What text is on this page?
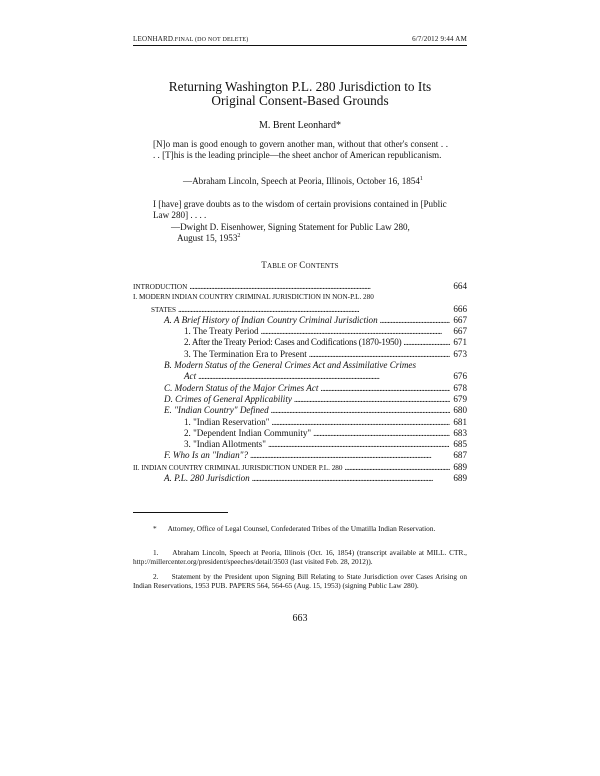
LEONHARD.FINAL (DO NOT DELETE)	6/7/2012 9:44 AM
Returning Washington P.L. 280 Jurisdiction to Its
Original Consent-Based Grounds
M. Brent Leonhard*
[N]o man is good enough to govern another man, without that other's consent . . . . [T]his is the leading principle—the sheet anchor of American republicanism.
—Abraham Lincoln, Speech at Peoria, Illinois, October 16, 1854$^1$
I [have] grave doubts as to the wisdom of certain provisions contained in [Public Law 280] . . . .
—Dwight D. Eisenhower, Signing Statement for Public Law 280,
August 15, 1953$^2$
TABLE OF CONTENTS
INTRODUCTION . . .	664
I. MODERN INDIAN COUNTRY CRIMINAL JURISDICTION IN NON-P.L. 280
STATES . . .	666
A. A Brief History of Indian Country Criminal Jurisdiction . . .	667
1. The Treaty Period . . .	667
2. After the Treaty Period: Cases and Codifications (1870-1950) . . .	671
3. The Termination Era to Present . . .	673
B. Modern Status of the General Crimes Act and Assimilative Crimes
Act . . .	676
C. Modern Status of the Major Crimes Act . . .	678
D. Crimes of General Applicability . . .	679
E. "Indian Country" Defined . . .	680
1. "Indian Reservation" . . .	681
2. "Dependent Indian Community" . . .	683
3. "Indian Allotments" . . .	685
F. Who Is an "Indian"? . . .	687
II. INDIAN COUNTRY CRIMINAL JURISDICTION UNDER P.L. 280 . . .	689
A. P.L. 280 Jurisdiction . . .	689
* Attorney, Office of Legal Counsel, Confederated Tribes of the Umatilla Indian Reservation.
1. Abraham Lincoln, Speech at Peoria, Illinois (Oct. 16, 1854) (transcript available at MILL. CTR., http://millercenter.org/president/speeches/detail/3503 (last visited Feb. 28, 2012)).
2. Statement by the President upon Signing Bill Relating to State Jurisdiction over Cases Arising on Indian Reservations, 1953 PUB. PAPERS 564, 564-65 (Aug. 15, 1953) (signing Public Law 280).
663
